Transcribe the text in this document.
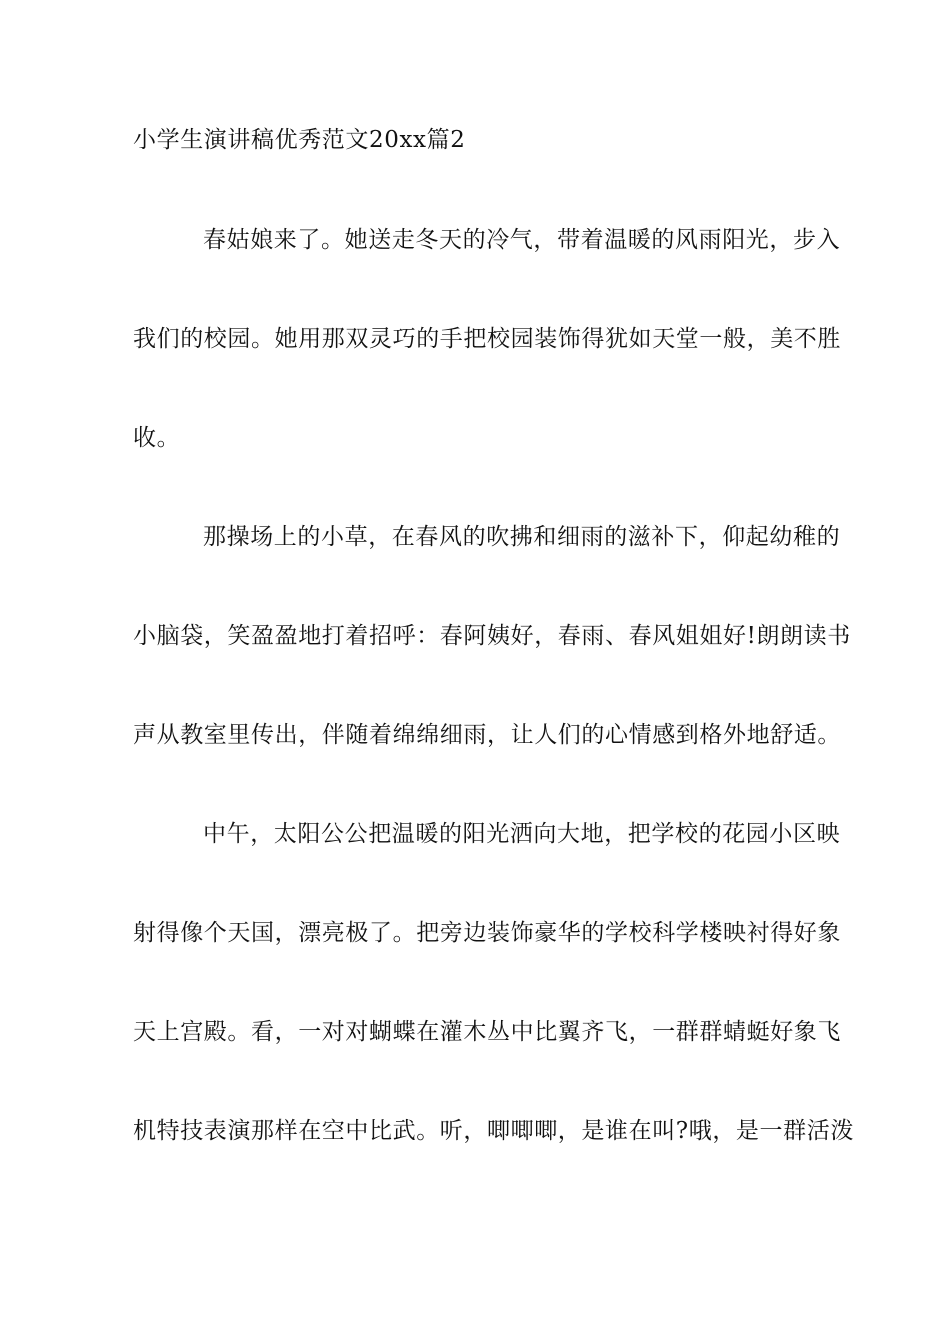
小学生演讲稿优秀范文20xx篇2
春姑娘来了。她送走冬天的冷气，带着温暖的风雨阳光，步入
我们的校园。她用那双灵巧的手把校园装饰得犹如天堂一般，美不胜
收。
那操场上的小草，在春风的吹拂和细雨的滋补下，仰起幼稚的
小脑袋，笑盈盈地打着招呼：春阿姨好，春雨、春风姐姐好!朗朗读书
声从教室里传出，伴随着绵绵细雨，让人们的心情感到格外地舒适。
中午，太阳公公把温暖的阳光洒向大地，把学校的花园小区映
射得像个天国，漂亮极了。把旁边装饰豪华的学校科学楼映衬得好象
天上宫殿。看，一对对蝴蝶在灌木丛中比翼齐飞，一群群蜻蜓好象飞
机特技表演那样在空中比武。听，唧唧唧，是谁在叫?哦，是一群活泼
